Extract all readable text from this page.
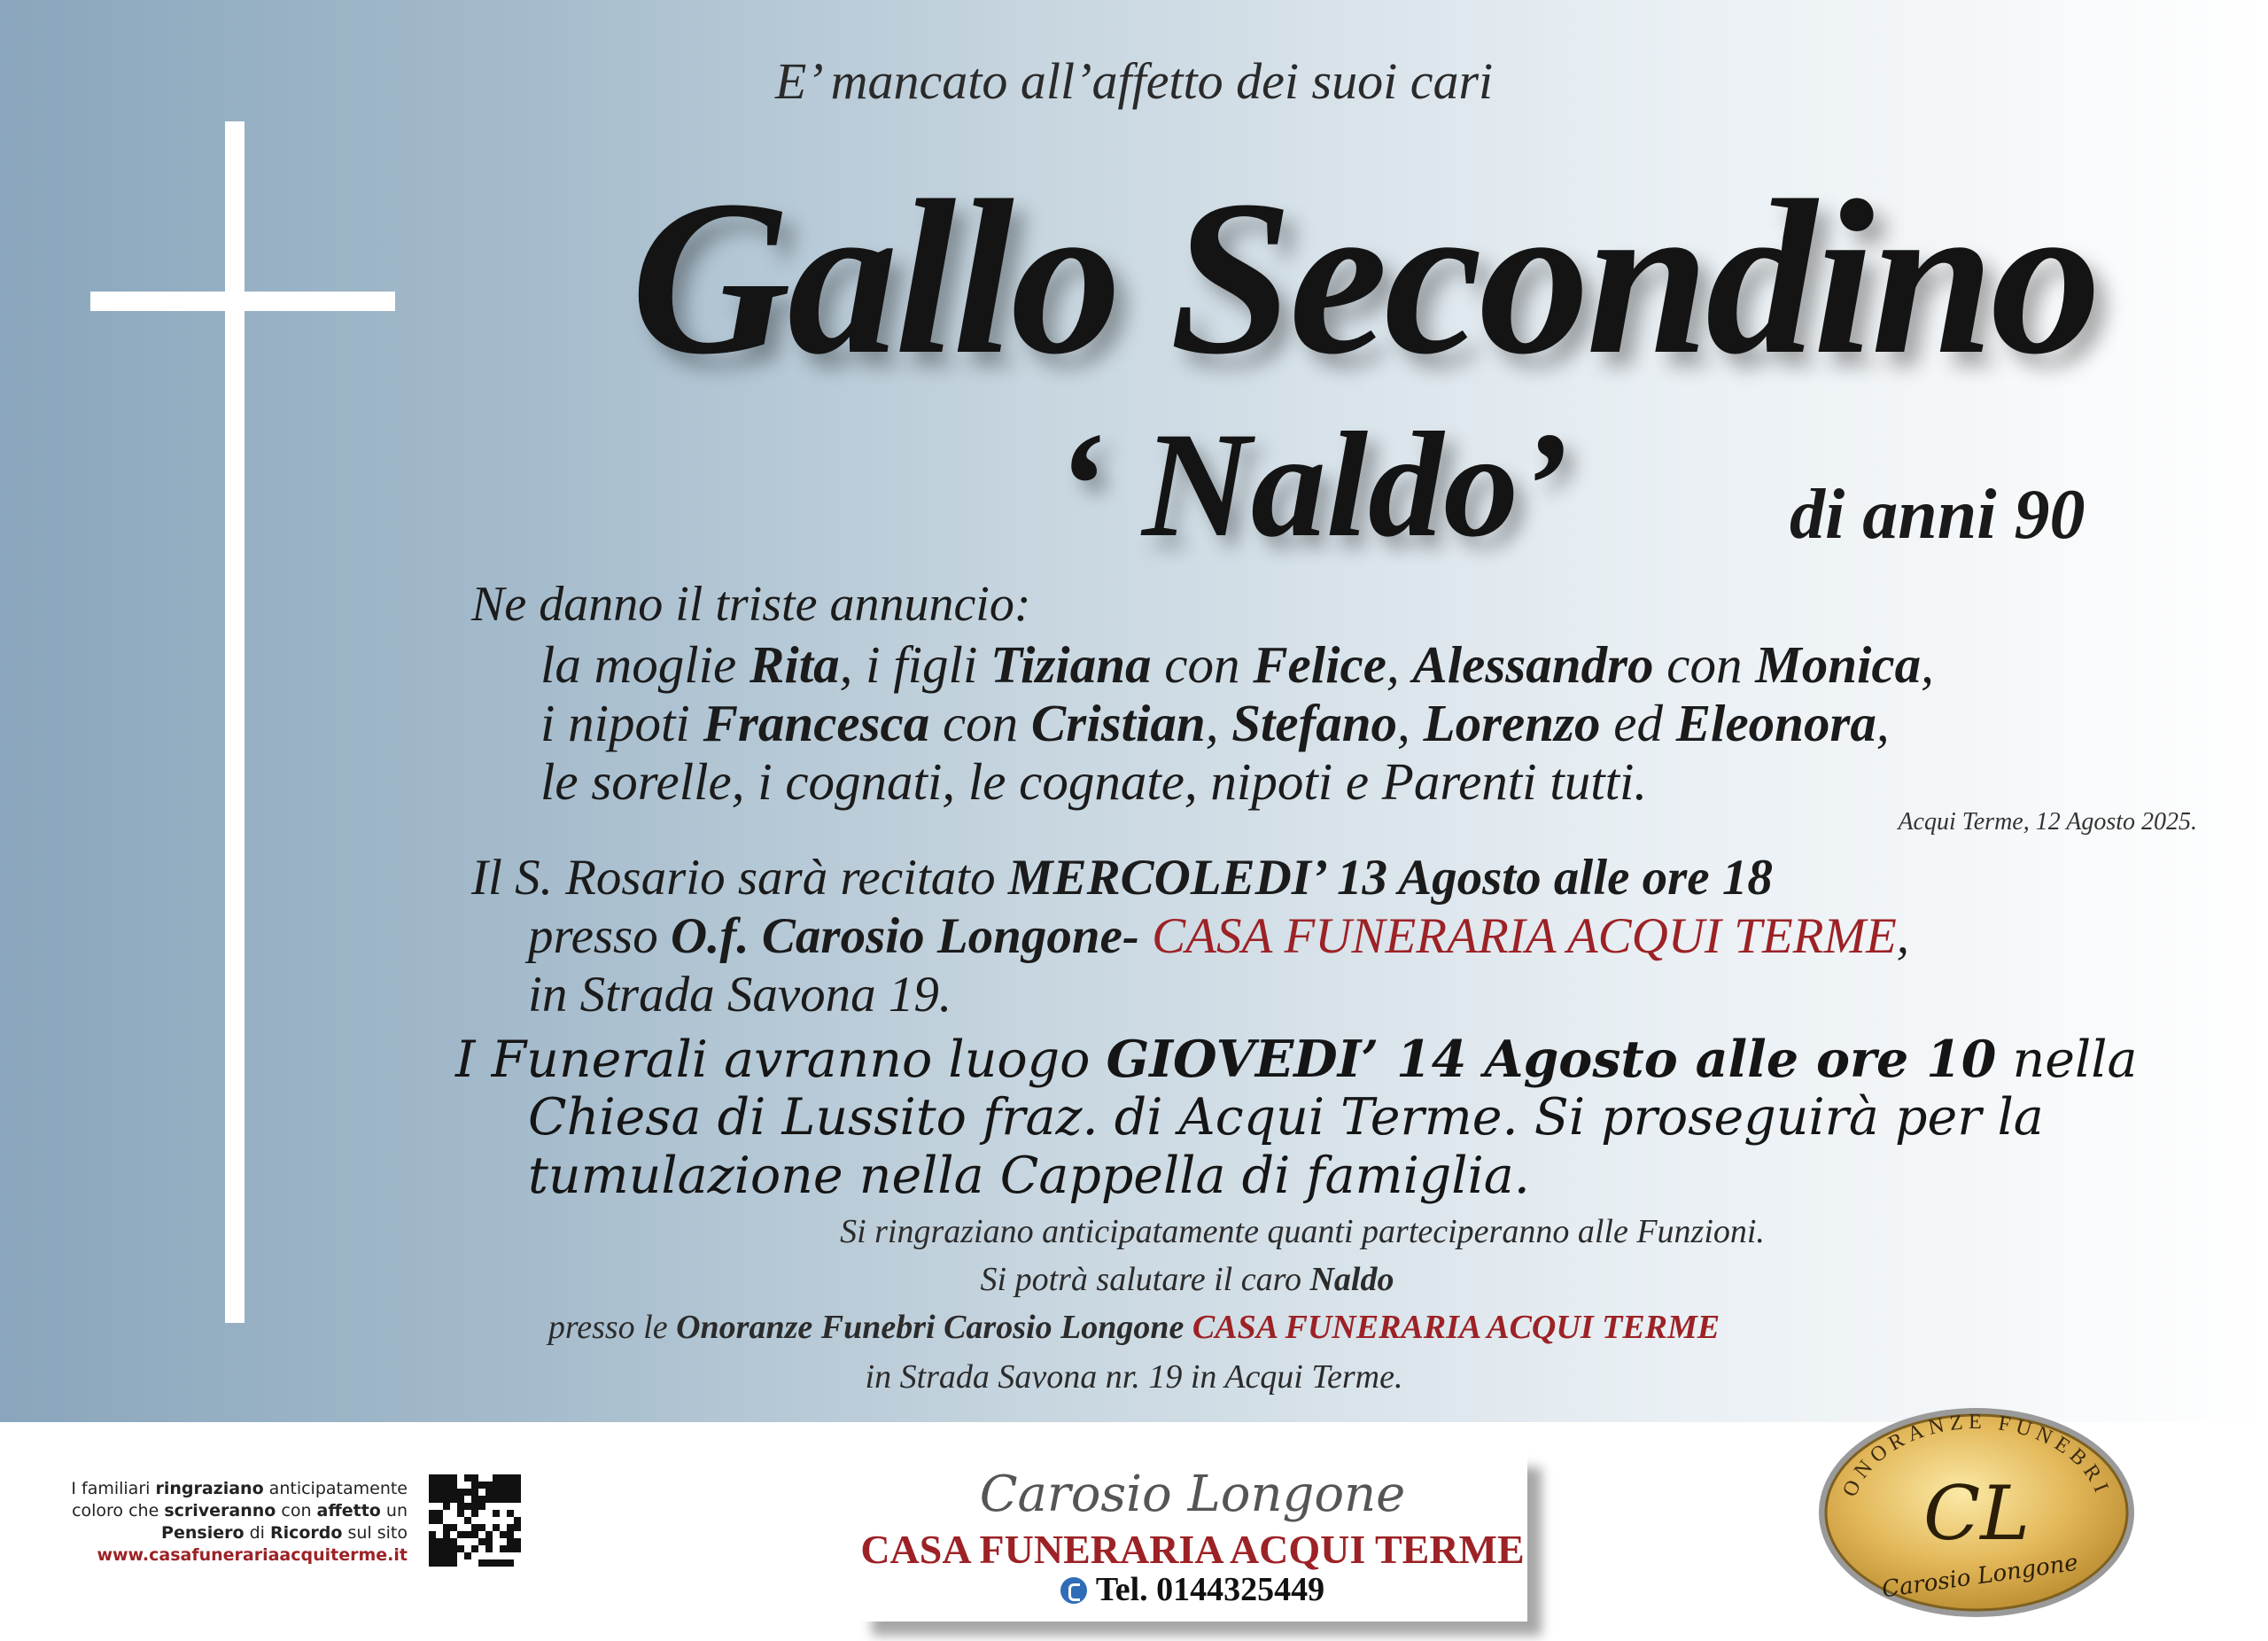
E’ mancato all’affetto dei suoi cari
Gallo Secondino
‘ Naldo’	di anni 90
Ne danno il triste annuncio:
la moglie Rita, i figli Tiziana con Felice, Alessandro con Monica,
i nipoti Francesca con Cristian, Stefano, Lorenzo ed Eleonora,
le sorelle, i cognati, le cognate, nipoti e Parenti tutti.
Acqui Terme, 12 Agosto 2025.
Il S. Rosario sarà recitato MERCOLEDI’ 13 Agosto alle ore 18
presso O.f. Carosio Longone- CASA FUNERARIA ACQUI TERME,
in Strada Savona 19.
I Funerali avranno luogo GIOVEDI’ 14 Agosto alle ore 10 nella
Chiesa di Lussito fraz. di Acqui Terme. Si proseguirà per la
tumulazione nella Cappella di famiglia.
Si ringraziano anticipatamente quanti parteciperanno alle Funzioni.
Si potrà salutare il caro Naldo
presso le Onoranze Funebri Carosio Longone CASA FUNERARIA ACQUI TERME
in Strada Savona nr. 19 in Acqui Terme.
I familiari ringraziano anticipatamente
coloro che scriveranno con affetto un
Pensiero di Ricordo sul sito
www.casafunerariaacquiterme.it
Carosio Longone
CASA FUNERARIA ACQUI TERME
Tel. 0144325449
ONORANZE FUNEBRI
CL
Carosio Longone
